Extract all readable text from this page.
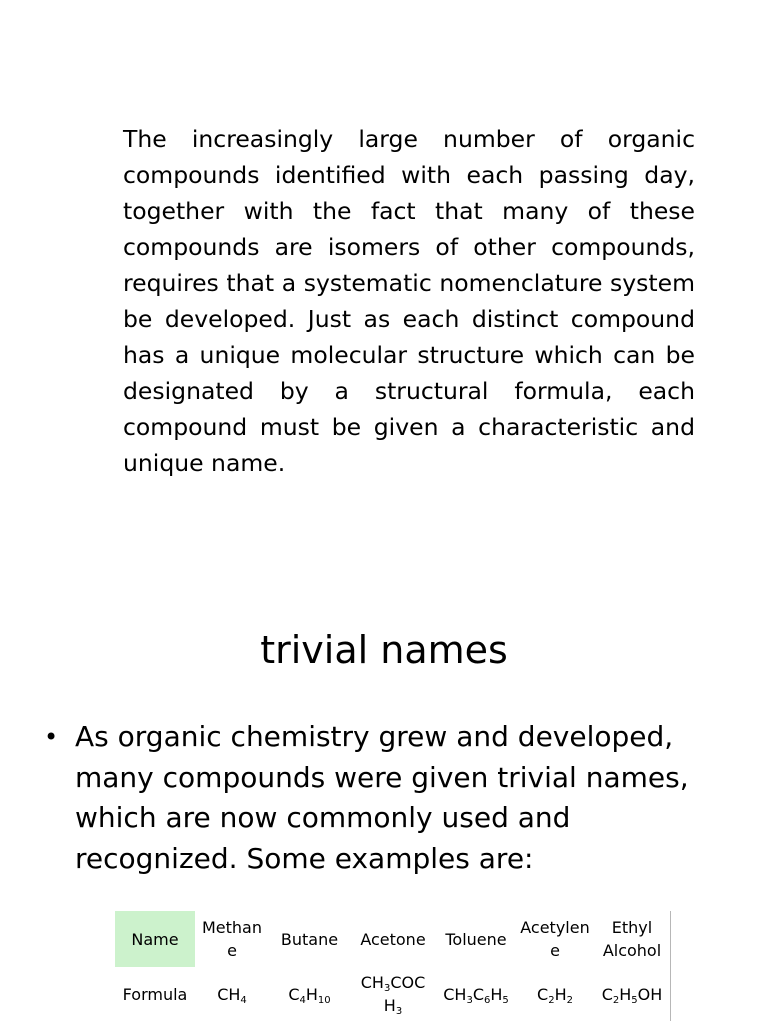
The increasingly large number of organic compounds identified with each passing day, together with the fact that many of these compounds are isomers of other compounds, requires that a systematic nomenclature system be developed. Just as each distinct compound has a unique molecular structure which can be designated by a structural formula, each compound must be given a characteristic and unique name.

trivial names
• As organic chemistry grew and developed, many compounds were given trivial names, which are now commonly used and recognized. Some examples are:
Name	Methan e	Butane	Acetone	Toluene	Acetylen e	Ethyl Alcohol
Formula	$CH_4$	$C_4H_{10}$	$CH_3COC$ $H_3$	$CH_3C_6H_5$	$C_2H_2$	$C_2H_5OH$
